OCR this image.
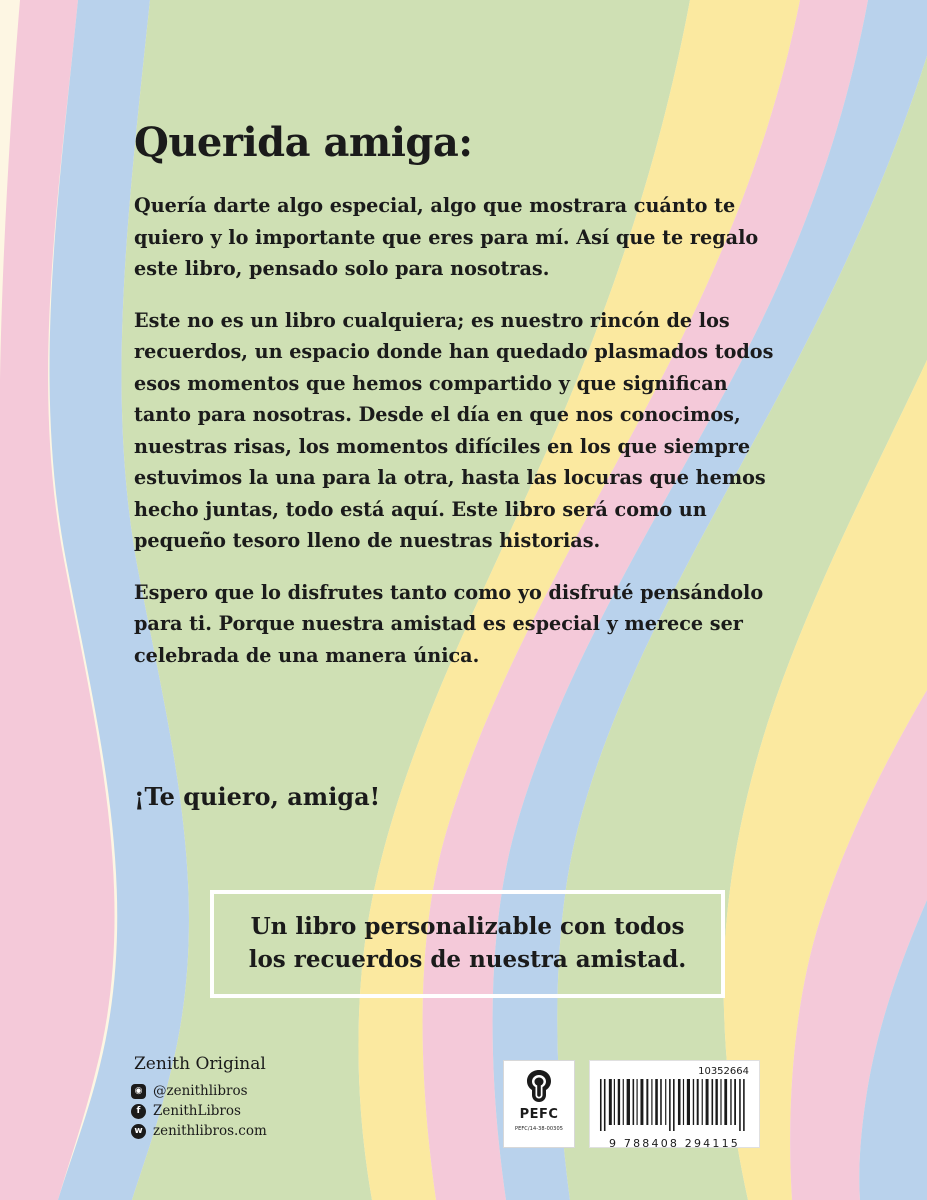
Querida amiga:

Quería darte algo especial, algo que mostrara cuánto te quiero y lo importante que eres para mí. Así que te regalo este libro, pensado solo para nosotras.

Este no es un libro cualquiera; es nuestro rincón de los recuerdos, un espacio donde han quedado plasmados todos esos momentos que hemos compartido y que significan tanto para nosotras. Desde el día en que nos conocimos, nuestras risas, los momentos difíciles en los que siempre estuvimos la una para la otra, hasta las locuras que hemos hecho juntas, todo está aquí. Este libro será como un pequeño tesoro lleno de nuestras historias.

Espero que lo disfrutes tanto como yo disfruté pensándolo para ti. Porque nuestra amistad es especial y merece ser celebrada de una manera única.

¡Te quiero, amiga!
Un libro personalizable con todos los recuerdos de nuestra amistad.
Zenith Original
◉ @zenithlibros
f ZenithLibros
w zenithlibros.com
PEFC
PEFC/14-38-00305
10352664
9 788408 294115
